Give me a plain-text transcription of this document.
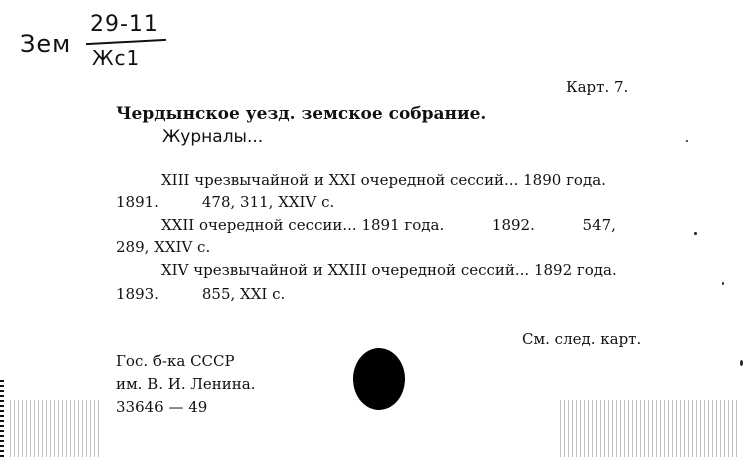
Зем
29-11
Жс1
Карт. 7.
Чердынское уезд. земское собрание.
Журналы...
XIII чрезвычайной и XXI очередной сессий... 1890 года.
1891.         478, 311, XXIV с.
XXII очередной сессии... 1891 года.          1892.          547,
289, XXIV с.
XIV чрезвычайной и XXIII очередной сессий... 1892 года.
1893.         855, XXI с.
См. след. карт.
Гос. б-ка СССР
им. В. И. Ленина.
33646 — 49
